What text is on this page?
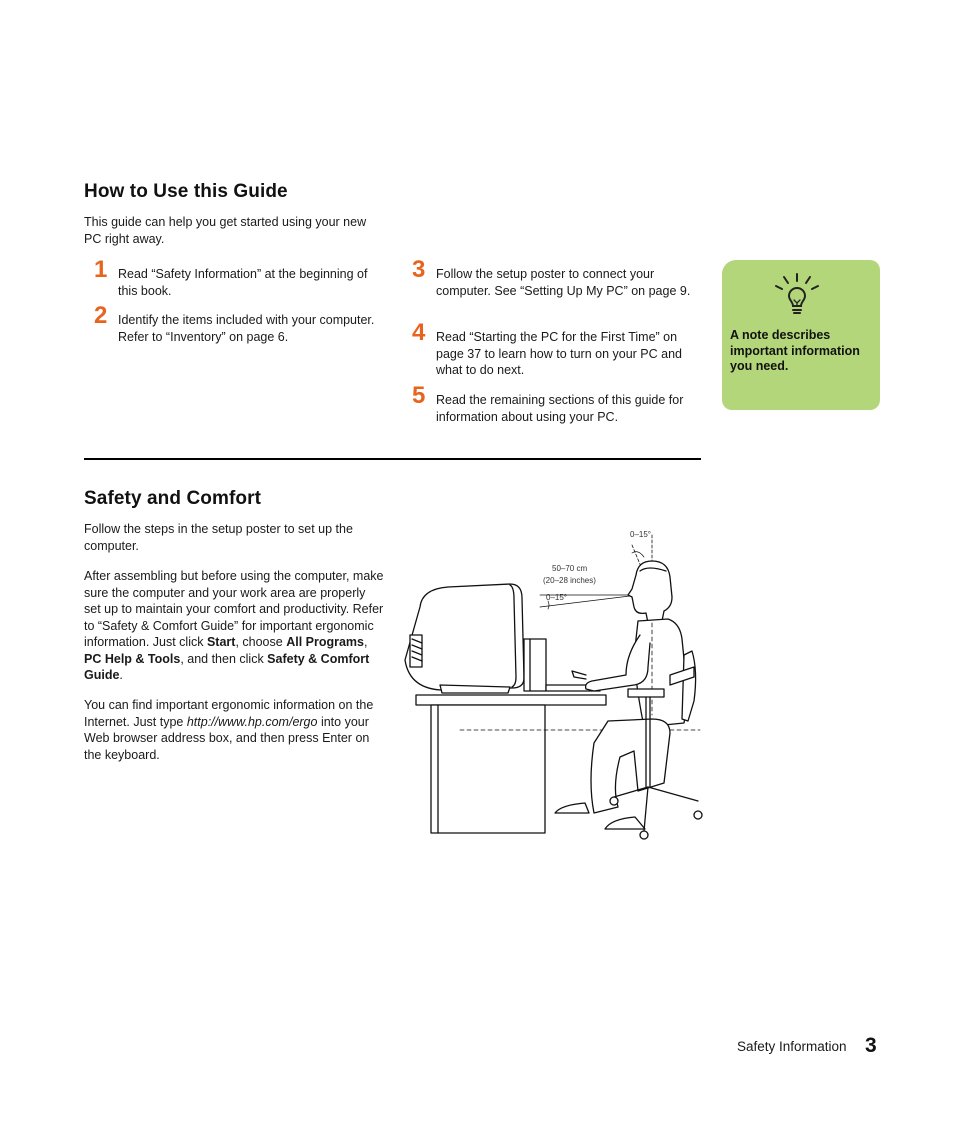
How to Use this Guide
This guide can help you get started using your new PC right away.
1 Read “Safety Information” at the beginning of this book.
2 Identify the items included with your computer. Refer to “Inventory” on page 6.
3 Follow the setup poster to connect your computer. See “Setting Up My PC” on page 9.
4 Read “Starting the PC for the First Time” on page 37 to learn how to turn on your PC and what to do next.
5 Read the remaining sections of this guide for information about using your PC.
A note describes important information you need.
Safety and Comfort
Follow the steps in the setup poster to set up the computer.
After assembling but before using the computer, make sure the computer and your work area are properly set up to maintain your comfort and productivity. Refer to “Safety & Comfort Guide” for important ergonomic information. Just click Start, choose All Programs, PC Help & Tools, and then click Safety & Comfort Guide.
You can find important ergonomic information on the Internet. Just type http://www.hp.com/ergo into your Web browser address box, and then press Enter on the keyboard.
0–15°
50–70 cm
(20–28 inches)
0–15°
Safety Information 3
